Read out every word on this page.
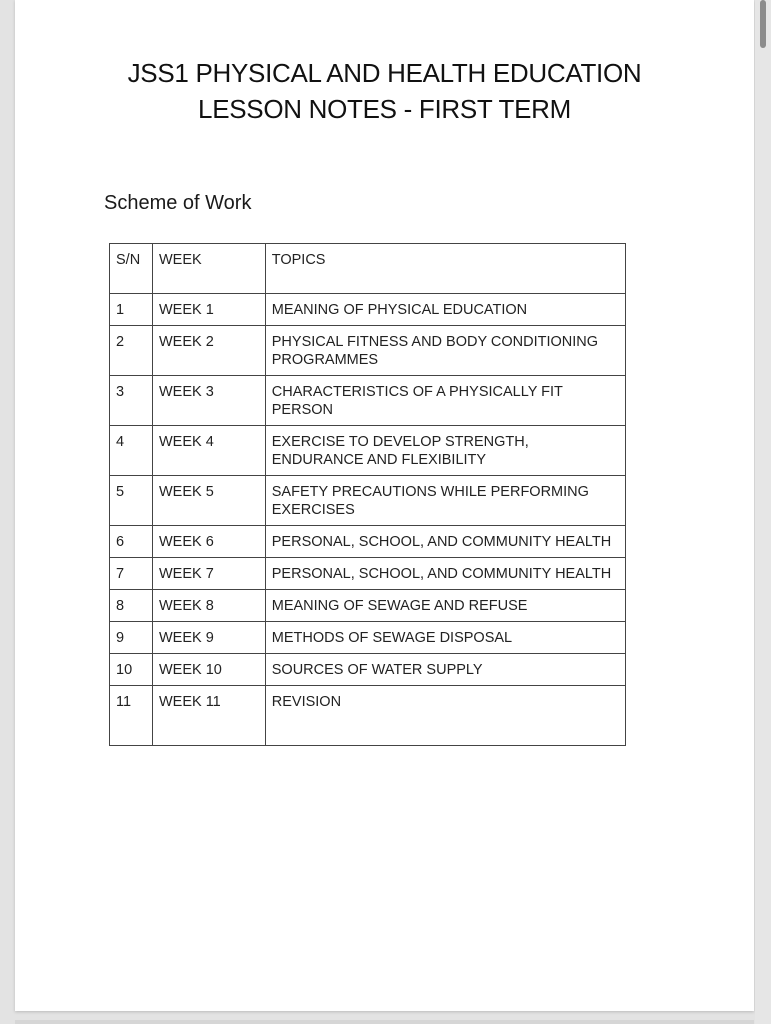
JSS1 PHYSICAL AND HEALTH EDUCATION
LESSON NOTES - FIRST TERM
Scheme of Work
S/N	WEEK	TOPICS
1	WEEK 1	MEANING OF PHYSICAL EDUCATION
2	WEEK 2	PHYSICAL FITNESS AND BODY CONDITIONING PROGRAMMES
3	WEEK 3	CHARACTERISTICS OF A PHYSICALLY FIT PERSON
4	WEEK 4	EXERCISE TO DEVELOP STRENGTH, ENDURANCE AND FLEXIBILITY
5	WEEK 5	SAFETY PRECAUTIONS WHILE PERFORMING EXERCISES
6	WEEK 6	PERSONAL, SCHOOL, AND COMMUNITY HEALTH
7	WEEK 7	PERSONAL, SCHOOL, AND COMMUNITY HEALTH
8	WEEK 8	MEANING OF SEWAGE AND REFUSE
9	WEEK 9	METHODS OF SEWAGE DISPOSAL
10	WEEK 10	SOURCES OF WATER SUPPLY
11	WEEK 11	REVISION
